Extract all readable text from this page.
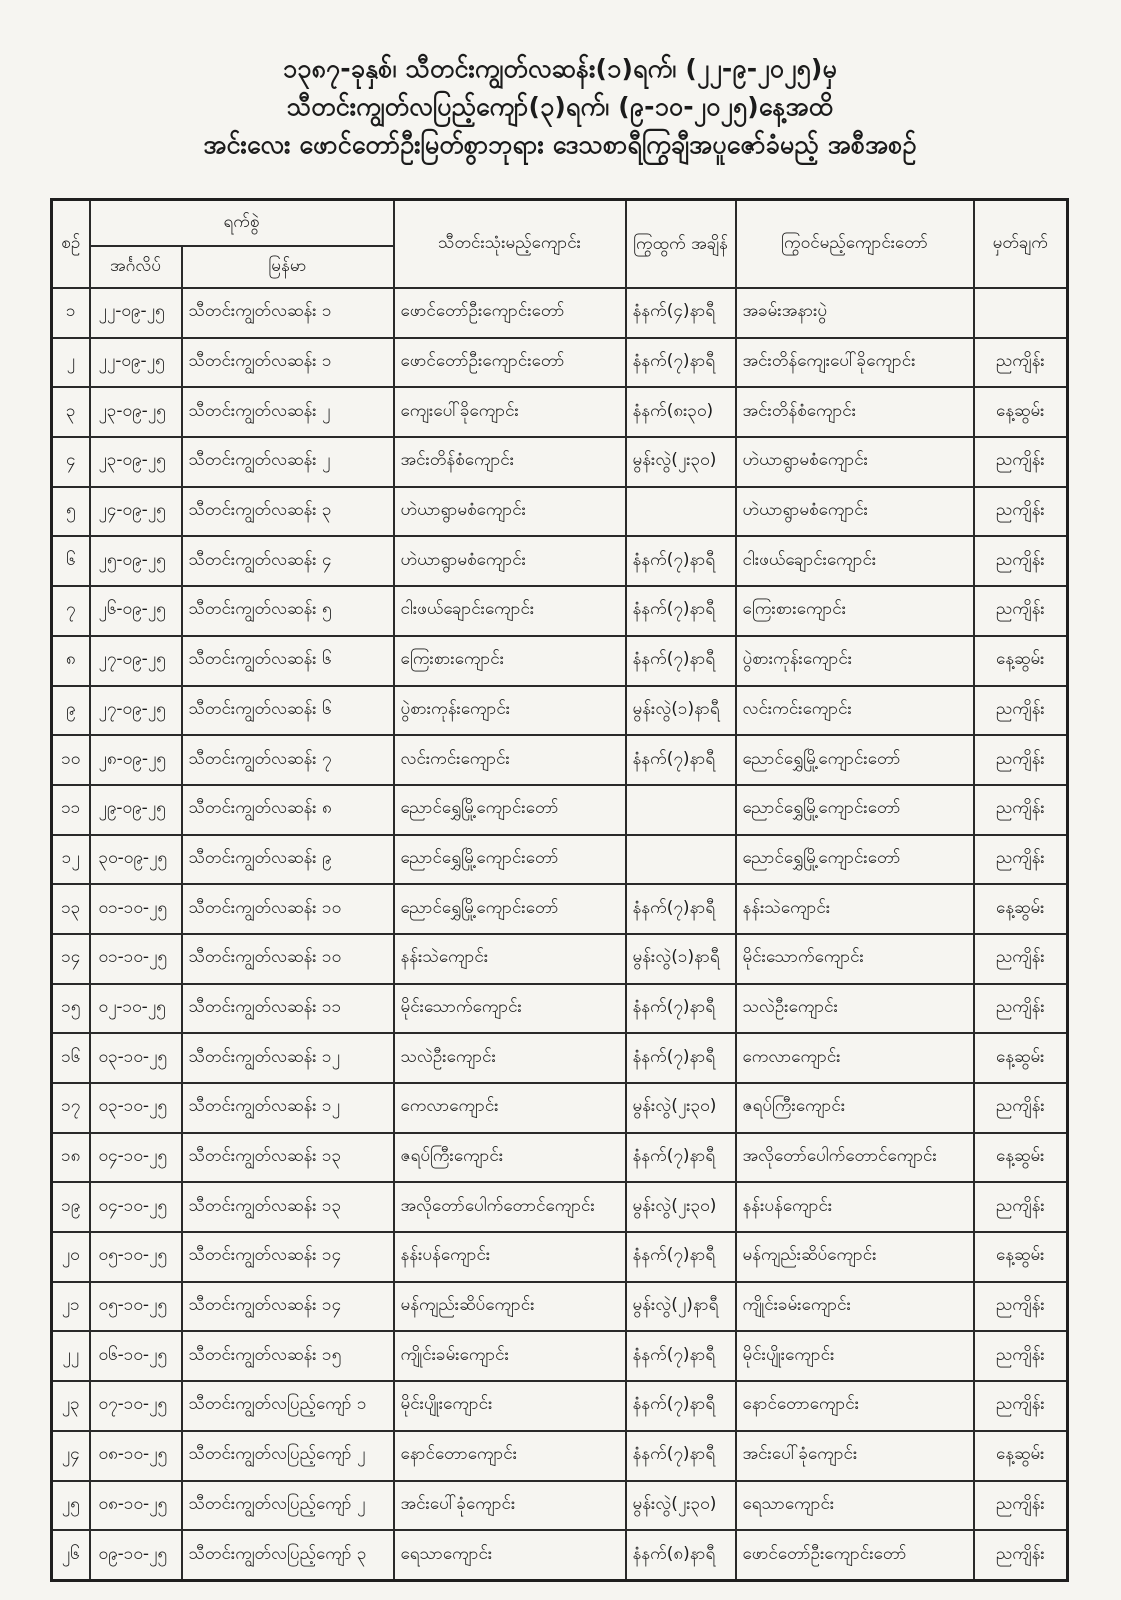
၁၃၈၇-ခုနှစ်၊ သီတင်းကျွတ်လဆန်း(၁)ရက်၊ (၂၂-၉-၂၀၂၅)မှ
သီတင်းကျွတ်လပြည့်ကျော်(၃)ရက်၊ (၉-၁၀-၂၀၂၅)နေ့အထိ
အင်းလေး ဖောင်တော်ဦးမြတ်စွာဘုရား ဒေသစာရီကြွချီအပူဇော်ခံမည့် အစီအစဉ်
စဉ်	ရက်စွဲ		သီတင်းသုံးမည့်ကျောင်း	ကြွထွက် အချိန်	ကြွဝင်မည့်ကျောင်းတော်	မှတ်ချက်
	အင်္ဂလိပ်	မြန်မာ				
၁	၂၂-၀၉-၂၅	သီတင်းကျွတ်လဆန်း ၁	ဖောင်တော်ဦးကျောင်းတော်	နံနက်(၄)နာရီ	အခမ်းအနားပွဲ	
၂	၂၂-၀၉-၂၅	သီတင်းကျွတ်လဆန်း ၁	ဖောင်တော်ဦးကျောင်းတော်	နံနက်(၇)နာရီ	အင်းတိန်ကျေးပေါ်ခိုကျောင်း	ညကျိန်း
၃	၂၃-၀၉-၂၅	သီတင်းကျွတ်လဆန်း ၂	ကျေးပေါ်ခိုကျောင်း	နံနက်(၈း၃၀)	အင်းတိန်စံကျောင်း	နေ့ဆွမ်း
၄	၂၃-၀၉-၂၅	သီတင်းကျွတ်လဆန်း ၂	အင်းတိန်စံကျောင်း	မွန်းလွဲ(၂း၃၀)	ဟဲယာရွာမစံကျောင်း	ညကျိန်း
၅	၂၄-၀၉-၂၅	သီတင်းကျွတ်လဆန်း ၃	ဟဲယာရွာမစံကျောင်း		ဟဲယာရွာမစံကျောင်း	ညကျိန်း
၆	၂၅-၀၉-၂၅	သီတင်းကျွတ်လဆန်း ၄	ဟဲယာရွာမစံကျောင်း	နံနက်(၇)နာရီ	ငါးဖယ်ချောင်းကျောင်း	ညကျိန်း
၇	၂၆-၀၉-၂၅	သီတင်းကျွတ်လဆန်း ၅	ငါးဖယ်ချောင်းကျောင်း	နံနက်(၇)နာရီ	ကြေးစားကျောင်း	ညကျိန်း
၈	၂၇-၀၉-၂၅	သီတင်းကျွတ်လဆန်း ၆	ကြေးစားကျောင်း	နံနက်(၇)နာရီ	ပွဲစားကုန်းကျောင်း	နေ့ဆွမ်း
၉	၂၇-၀၉-၂၅	သီတင်းကျွတ်လဆန်း ၆	ပွဲစားကုန်းကျောင်း	မွန်းလွဲ(၁)နာရီ	လင်းကင်းကျောင်း	ညကျိန်း
၁၀	၂၈-၀၉-၂၅	သီတင်းကျွတ်လဆန်း ၇	လင်းကင်းကျောင်း	နံနက်(၇)နာရီ	ညောင်ရွှေမြို့ကျောင်းတော်	ညကျိန်း
၁၁	၂၉-၀၉-၂၅	သီတင်းကျွတ်လဆန်း ၈	ညောင်ရွှေမြို့ကျောင်းတော်		ညောင်ရွှေမြို့ကျောင်းတော်	ညကျိန်း
၁၂	၃၀-၀၉-၂၅	သီတင်းကျွတ်လဆန်း ၉	ညောင်ရွှေမြို့ကျောင်းတော်		ညောင်ရွှေမြို့ကျောင်းတော်	ညကျိန်း
၁၃	၀၁-၁၀-၂၅	သီတင်းကျွတ်လဆန်း ၁၀	ညောင်ရွှေမြို့ကျောင်းတော်	နံနက်(၇)နာရီ	နန်းသဲကျောင်း	နေ့ဆွမ်း
၁၄	၀၁-၁၀-၂၅	သီတင်းကျွတ်လဆန်း ၁၀	နန်းသဲကျောင်း	မွန်းလွဲ(၁)နာရီ	မိုင်းသောက်ကျောင်း	ညကျိန်း
၁၅	၀၂-၁၀-၂၅	သီတင်းကျွတ်လဆန်း ၁၁	မိုင်းသောက်ကျောင်း	နံနက်(၇)နာရီ	သလဲဦးကျောင်း	ညကျိန်း
၁၆	၀၃-၁၀-၂၅	သီတင်းကျွတ်လဆန်း ၁၂	သလဲဦးကျောင်း	နံနက်(၇)နာရီ	ကေလာကျောင်း	နေ့ဆွမ်း
၁၇	၀၃-၁၀-၂၅	သီတင်းကျွတ်လဆန်း ၁၂	ကေလာကျောင်း	မွန်းလွဲ(၂း၃၀)	ဇရပ်ကြီးကျောင်း	ညကျိန်း
၁၈	၀၄-၁၀-၂၅	သီတင်းကျွတ်လဆန်း ၁၃	ဇရပ်ကြီးကျောင်း	နံနက်(၇)နာရီ	အလိုတော်ပေါက်တောင်ကျောင်း	နေ့ဆွမ်း
၁၉	၀၄-၁၀-၂၅	သီတင်းကျွတ်လဆန်း ၁၃	အလိုတော်ပေါက်တောင်ကျောင်း	မွန်းလွဲ(၂း၃၀)	နန်းပန်ကျောင်း	ညကျိန်း
၂၀	၀၅-၁၀-၂၅	သီတင်းကျွတ်လဆန်း ၁၄	နန်းပန်ကျောင်း	နံနက်(၇)နာရီ	မန်ကျည်းဆိပ်ကျောင်း	နေ့ဆွမ်း
၂၁	၀၅-၁၀-၂၅	သီတင်းကျွတ်လဆန်း ၁၄	မန်ကျည်းဆိပ်ကျောင်း	မွန်းလွဲ(၂)နာရီ	ကျိုင်းခမ်းကျောင်း	ညကျိန်း
၂၂	၀၆-၁၀-၂၅	သီတင်းကျွတ်လဆန်း ၁၅	ကျိုင်းခမ်းကျောင်း	နံနက်(၇)နာရီ	မိုင်းပျိုးကျောင်း	ညကျိန်း
၂၃	၀၇-၁၀-၂၅	သီတင်းကျွတ်လပြည့်ကျော် ၁	မိုင်းပျိုးကျောင်း	နံနက်(၇)နာရီ	နောင်တောကျောင်း	ညကျိန်း
၂၄	၀၈-၁၀-၂၅	သီတင်းကျွတ်လပြည့်ကျော် ၂	နောင်တောကျောင်း	နံနက်(၇)နာရီ	အင်းပေါ်ခုံကျောင်း	နေ့ဆွမ်း
၂၅	၀၈-၁၀-၂၅	သီတင်းကျွတ်လပြည့်ကျော် ၂	အင်းပေါ်ခုံကျောင်း	မွန်းလွဲ(၂း၃၀)	ရေသာကျောင်း	ညကျိန်း
၂၆	၀၉-၁၀-၂၅	သီတင်းကျွတ်လပြည့်ကျော် ၃	ရေသာကျောင်း	နံနက်(၈)နာရီ	ဖောင်တော်ဦးကျောင်းတော်	ညကျိန်း
